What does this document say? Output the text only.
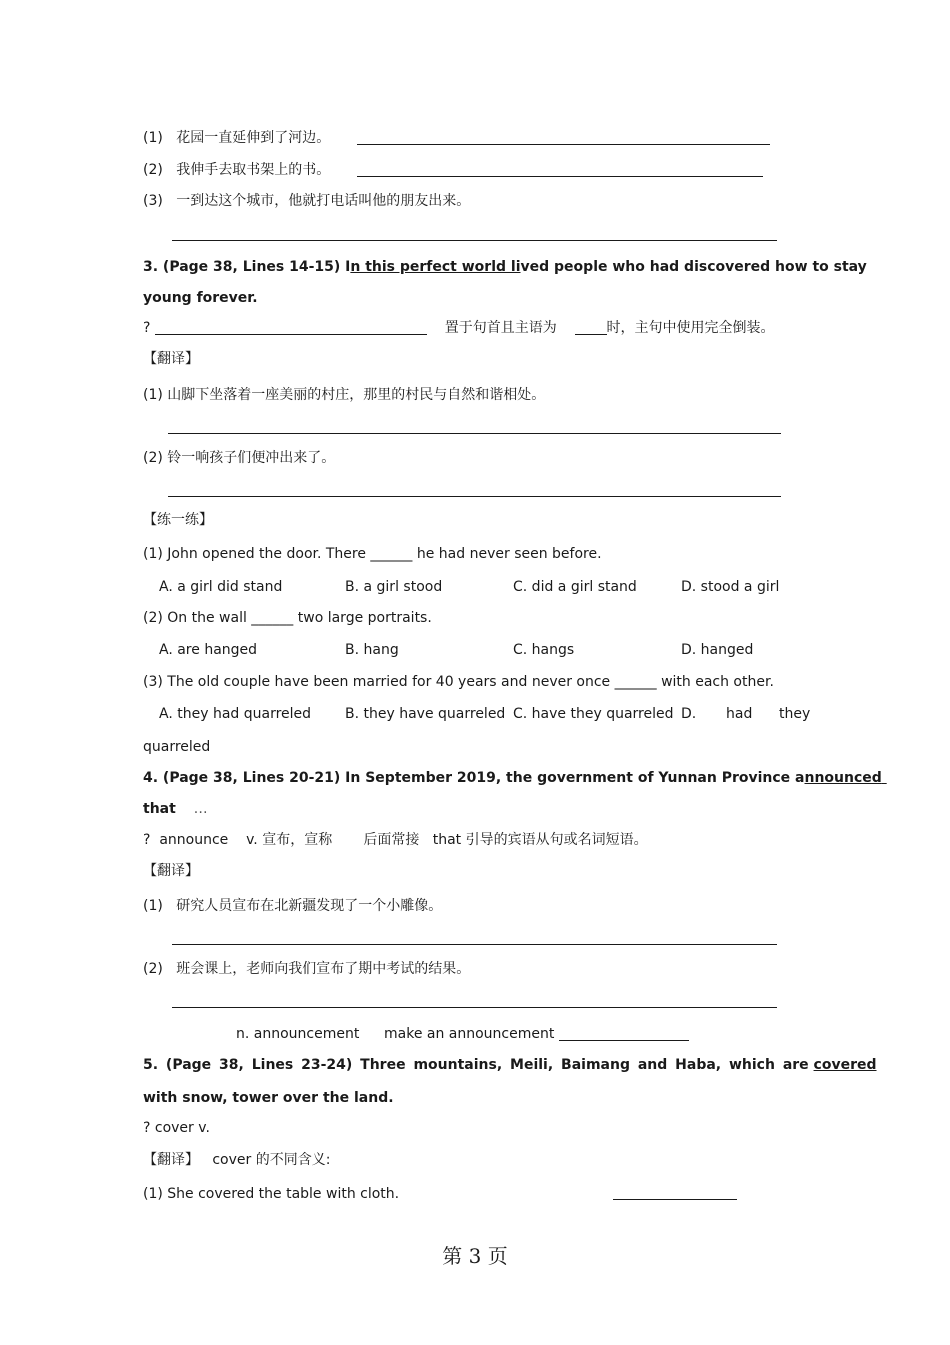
(1) 花园一直延伸到了河边。
(2) 我伸手去取书架上的书。
(3) 一到达这个城市，他就打电话叫他的朋友出来。
3. (Page 38, Lines 14-15) In this perfect world lived people who had discovered how to stay
young forever.
?	置于句首且主语为	时，主句中使用完全倒装。
【翻译】
(1) 山脚下坐落着一座美丽的村庄，那里的村民与自然和谐相处。
(2) 铃一响孩子们便冲出来了。
【练一练】
(1) John opened the door. There ______ he had never seen before.
A. a girl did stand	B. a girl stood	C. did a girl stand	D. stood a girl
(2) On the wall ______ two large portraits.
A. are hanged	B. hang	C. hangs	D. hanged
(3) The old couple have been married for 40 years and never once ______ with each other.
A. they had quarreled B. they have quarreled C. have they quarreled D. had they
quarreled
4. (Page 38, Lines 20-21) In September 2019, the government of Yunnan Province announced
that …
? announce v. 宣布，宣称 后面常接 that 引导的宾语从句或名词短语。
【翻译】
(1) 研究人员宣布在北新疆发现了一个小雕像。
(2) 班会课上，老师向我们宣布了期中考试的结果。
n. announcement make an announcement
5. (Page 38, Lines 23-24) Three mountains, Meili, Baimang and Haba, which are covered
with snow, tower over the land.
? cover v.
【翻译】 cover 的不同含义:
(1) She covered the table with cloth.
第 3 页
